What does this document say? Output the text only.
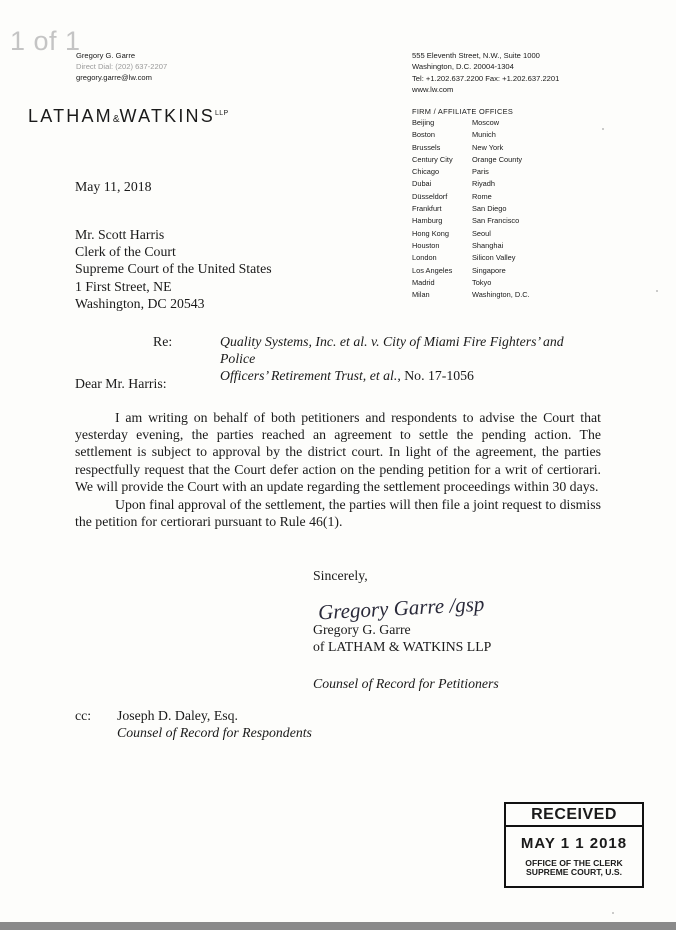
1 of 1
Gregory G. Garre
Direct Dial: (202) 637-2207
gregory.garre@lw.com
555 Eleventh Street, N.W., Suite 1000
Washington, D.C. 20004-1304
Tel: +1.202.637.2200 Fax: +1.202.637.2201
www.lw.com
$LATHAM\&WATKINS^{LLP}$	FIRM / AFFILIATE OFFICES
Beijing	Moscow
Boston	Munich
Brussels	New York
Century City	Orange County
Chicago	Paris
Dubai	Riyadh
Düsseldorf	Rome
Frankfurt	San Diego
Hamburg	San Francisco
Hong Kong	Seoul
Houston	Shanghai
London	Silicon Valley
Los Angeles	Singapore
Madrid	Tokyo
Milan	Washington, D.C.
May 11, 2018
Mr. Scott Harris
Clerk of the Court
Supreme Court of the United States
1 First Street, NE
Washington, DC 20543
Re:	Quality Systems, Inc. et al. v. City of Miami Fire Fighters’ and Police
Officers’ Retirement Trust, et al., No. 17-1056
Dear Mr. Harris:
I am writing on behalf of both petitioners and respondents to advise the Court that yesterday evening, the parties reached an agreement to settle the pending action. The settlement is subject to approval by the district court. In light of the agreement, the parties respectfully request that the Court defer action on the pending petition for a writ of certiorari. We will provide the Court with an update regarding the settlement proceedings within 30 days.
Upon final approval of the settlement, the parties will then file a joint request to dismiss the petition for certiorari pursuant to Rule 46(1).
Sincerely,
Gregory Garre /gsp
Gregory G. Garre
of LATHAM & WATKINS LLP
Counsel of Record for Petitioners
cc: Joseph D. Daley, Esq.
Counsel of Record for Respondents
RECEIVED
MAY 1 1 2018
OFFICE OF THE CLERK
SUPREME COURT, U.S.
